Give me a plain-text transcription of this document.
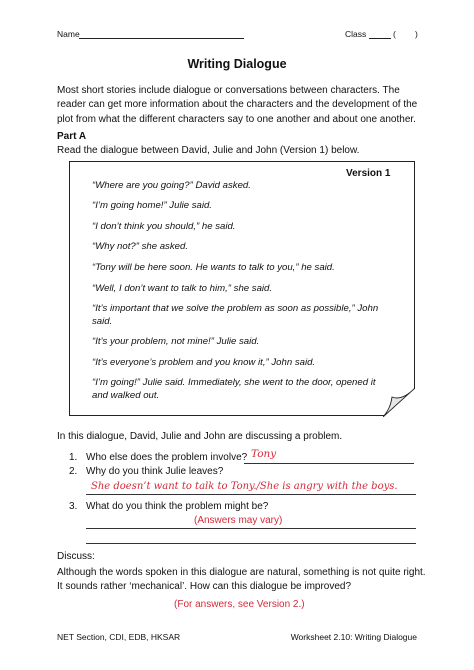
Name	Class	( )
Writing Dialogue
Most short stories include dialogue or conversations between characters. The reader can get more information about the characters and the development of the plot from what the different characters say to one another and about one another.
Part A
Read the dialogue between David, Julie and John (Version 1) below.
Version 1
“Where are you going?” David asked.
“I’m going home!” Julie said.
“I don’t think you should,” he said.
“Why not?” she asked.
“Tony will be here soon. He wants to talk to you,” he said.
“Well, I don’t want to talk to him,” she said.
“It’s important that we solve the problem as soon as possible,” John said.
“It’s your problem, not mine!” Julie said.
“It’s everyone’s problem and you know it,” John said.
“I’m going!” Julie said. Immediately, she went to the door, opened it and walked out.
In this dialogue, David, Julie and John are discussing a problem.
1. Who else does the problem involve? Tony
2. Why do you think Julie leaves?
She doesn’t want to talk to Tony./She is angry with the boys.
3. What do you think the problem might be?
(Answers may vary)
Discuss:
Although the words spoken in this dialogue are natural, something is not quite right. It sounds rather ‘mechanical’. How can this dialogue be improved?
(For answers, see Version 2.)
NET Section, CDI, EDB, HKSAR	Worksheet 2.10: Writing Dialogue
